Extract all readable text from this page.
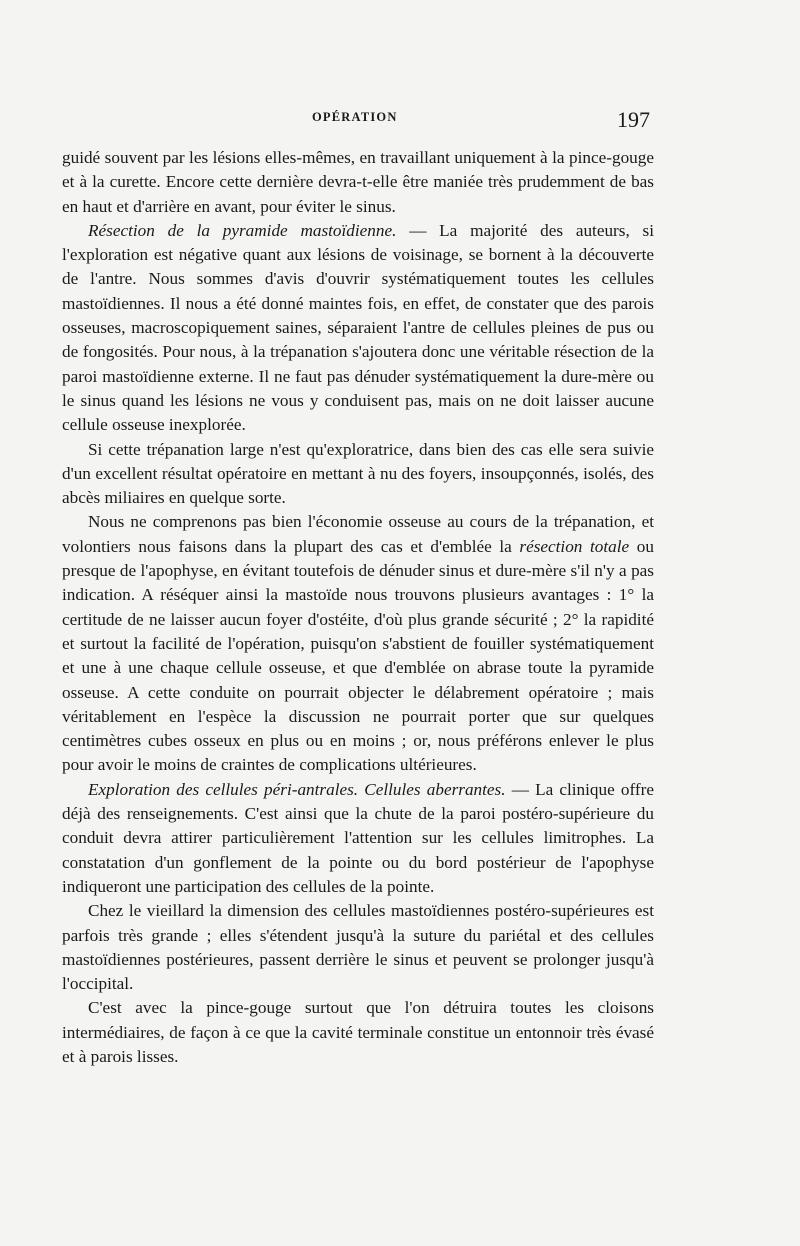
OPÉRATION	197

guidé souvent par les lésions elles-mêmes, en travaillant uniquement à la pince-gouge et à la curette. Encore cette dernière devra-t-elle être maniée très prudemment de bas en haut et d'arrière en avant, pour éviter le sinus.

Résection de la pyramide mastoïdienne. — La majorité des auteurs, si l'exploration est négative quant aux lésions de voisinage, se bornent à la découverte de l'antre. Nous sommes d'avis d'ouvrir systématiquement toutes les cellules mastoïdiennes. Il nous a été donné maintes fois, en effet, de constater que des parois osseuses, macroscopiquement saines, séparaient l'antre de cellules pleines de pus ou de fongosités. Pour nous, à la trépanation s'ajoutera donc une véritable résection de la paroi mastoïdienne externe. Il ne faut pas dénuder systématiquement la dure-mère ou le sinus quand les lésions ne vous y conduisent pas, mais on ne doit laisser aucune cellule osseuse inexplorée.

Si cette trépanation large n'est qu'exploratrice, dans bien des cas elle sera suivie d'un excellent résultat opératoire en mettant à nu des foyers, insoupçonnés, isolés, des abcès miliaires en quelque sorte.

Nous ne comprenons pas bien l'économie osseuse au cours de la trépanation, et volontiers nous faisons dans la plupart des cas et d'emblée la résection totale ou presque de l'apophyse, en évitant toutefois de dénuder sinus et dure-mère s'il n'y a pas indication. A réséquer ainsi la mastoïde nous trouvons plusieurs avantages : 1° la certitude de ne laisser aucun foyer d'ostéite, d'où plus grande sécurité ; 2° la rapidité et surtout la facilité de l'opération, puisqu'on s'abstient de fouiller systématiquement et une à une chaque cellule osseuse, et que d'emblée on abrase toute la pyramide osseuse. A cette conduite on pourrait objecter le délabrement opératoire ; mais véritablement en l'espèce la discussion ne pourrait porter que sur quelques centimètres cubes osseux en plus ou en moins ; or, nous préférons enlever le plus pour avoir le moins de craintes de complications ultérieures.

Exploration des cellules péri-antrales. Cellules aberrantes. — La clinique offre déjà des renseignements. C'est ainsi que la chute de la paroi postéro-supérieure du conduit devra attirer particulièrement l'attention sur les cellules limitrophes. La constatation d'un gonflement de la pointe ou du bord postérieur de l'apophyse indiqueront une participation des cellules de la pointe.

Chez le vieillard la dimension des cellules mastoïdiennes postéro-supérieures est parfois très grande ; elles s'étendent jusqu'à la suture du pariétal et des cellules mastoïdiennes postérieures, passent derrière le sinus et peuvent se prolonger jusqu'à l'occipital.

C'est avec la pince-gouge surtout que l'on détruira toutes les cloisons intermédiaires, de façon à ce que la cavité terminale constitue un entonnoir très évasé et à parois lisses.
